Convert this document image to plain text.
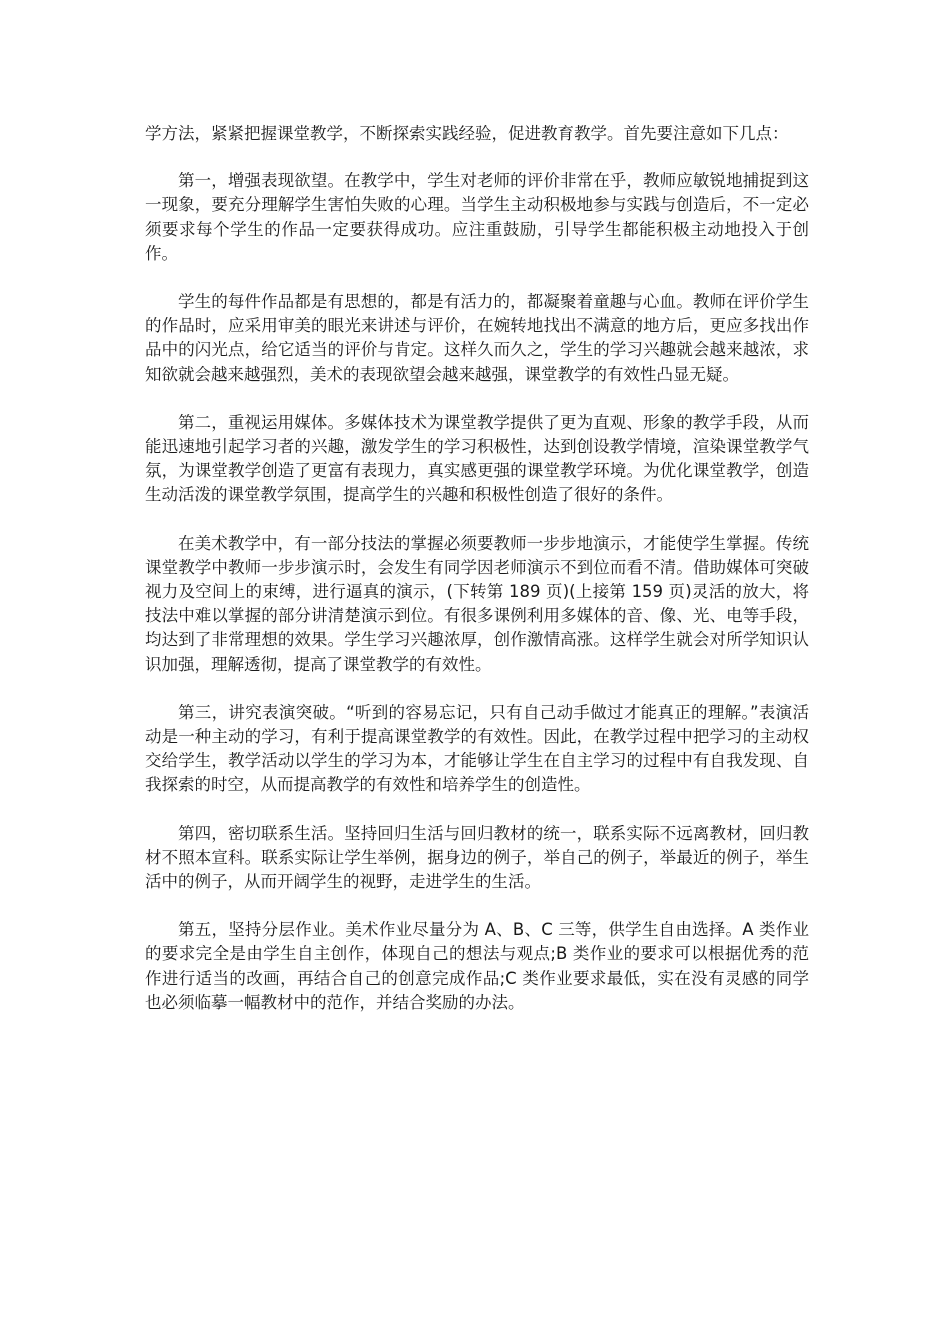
学方法，紧紧把握课堂教学，不断探索实践经验，促进教育教学。首先要注意如下几点：

第一，增强表现欲望。在教学中，学生对老师的评价非常在乎，教师应敏锐地捕捉到这一现象，要充分理解学生害怕失败的心理。当学生主动积极地参与实践与创造后，不一定必须要求每个学生的作品一定要获得成功。应注重鼓励，引导学生都能积极主动地投入于创作。

学生的每件作品都是有思想的，都是有活力的，都凝聚着童趣与心血。教师在评价学生的作品时，应采用审美的眼光来讲述与评价，在婉转地找出不满意的地方后，更应多找出作品中的闪光点，给它适当的评价与肯定。这样久而久之，学生的学习兴趣就会越来越浓，求知欲就会越来越强烈，美术的表现欲望会越来越强，课堂教学的有效性凸显无疑。

第二，重视运用媒体。多媒体技术为课堂教学提供了更为直观、形象的教学手段，从而能迅速地引起学习者的兴趣，激发学生的学习积极性，达到创设教学情境，渲染课堂教学气氛，为课堂教学创造了更富有表现力，真实感更强的课堂教学环境。为优化课堂教学，创造生动活泼的课堂教学氛围，提高学生的兴趣和积极性创造了很好的条件。

在美术教学中，有一部分技法的掌握必须要教师一步步地演示，才能使学生掌握。传统课堂教学中教师一步步演示时，会发生有同学因老师演示不到位而看不清。借助媒体可突破视力及空间上的束缚，进行逼真的演示，(下转第 189 页)(上接第 159 页)灵活的放大，将技法中难以掌握的部分讲清楚演示到位。有很多课例利用多媒体的音、像、光、电等手段，均达到了非常理想的效果。学生学习兴趣浓厚，创作激情高涨。这样学生就会对所学知识认识加强，理解透彻，提高了课堂教学的有效性。

第三，讲究表演突破。“听到的容易忘记，只有自己动手做过才能真正的理解。”表演活动是一种主动的学习，有利于提高课堂教学的有效性。因此，在教学过程中把学习的主动权交给学生，教学活动以学生的学习为本，才能够让学生在自主学习的过程中有自我发现、自我探索的时空，从而提高教学的有效性和培养学生的创造性。

第四，密切联系生活。坚持回归生活与回归教材的统一，联系实际不远离教材，回归教材不照本宣科。联系实际让学生举例，据身边的例子，举自己的例子，举最近的例子，举生活中的例子，从而开阔学生的视野，走进学生的生活。

第五，坚持分层作业。美术作业尽量分为 A、B、C 三等，供学生自由选择。A 类作业的要求完全是由学生自主创作，体现自己的想法与观点;B 类作业的要求可以根据优秀的范作进行适当的改画，再结合自己的创意完成作品;C 类作业要求最低，实在没有灵感的同学也必须临摹一幅教材中的范作，并结合奖励的办法。
